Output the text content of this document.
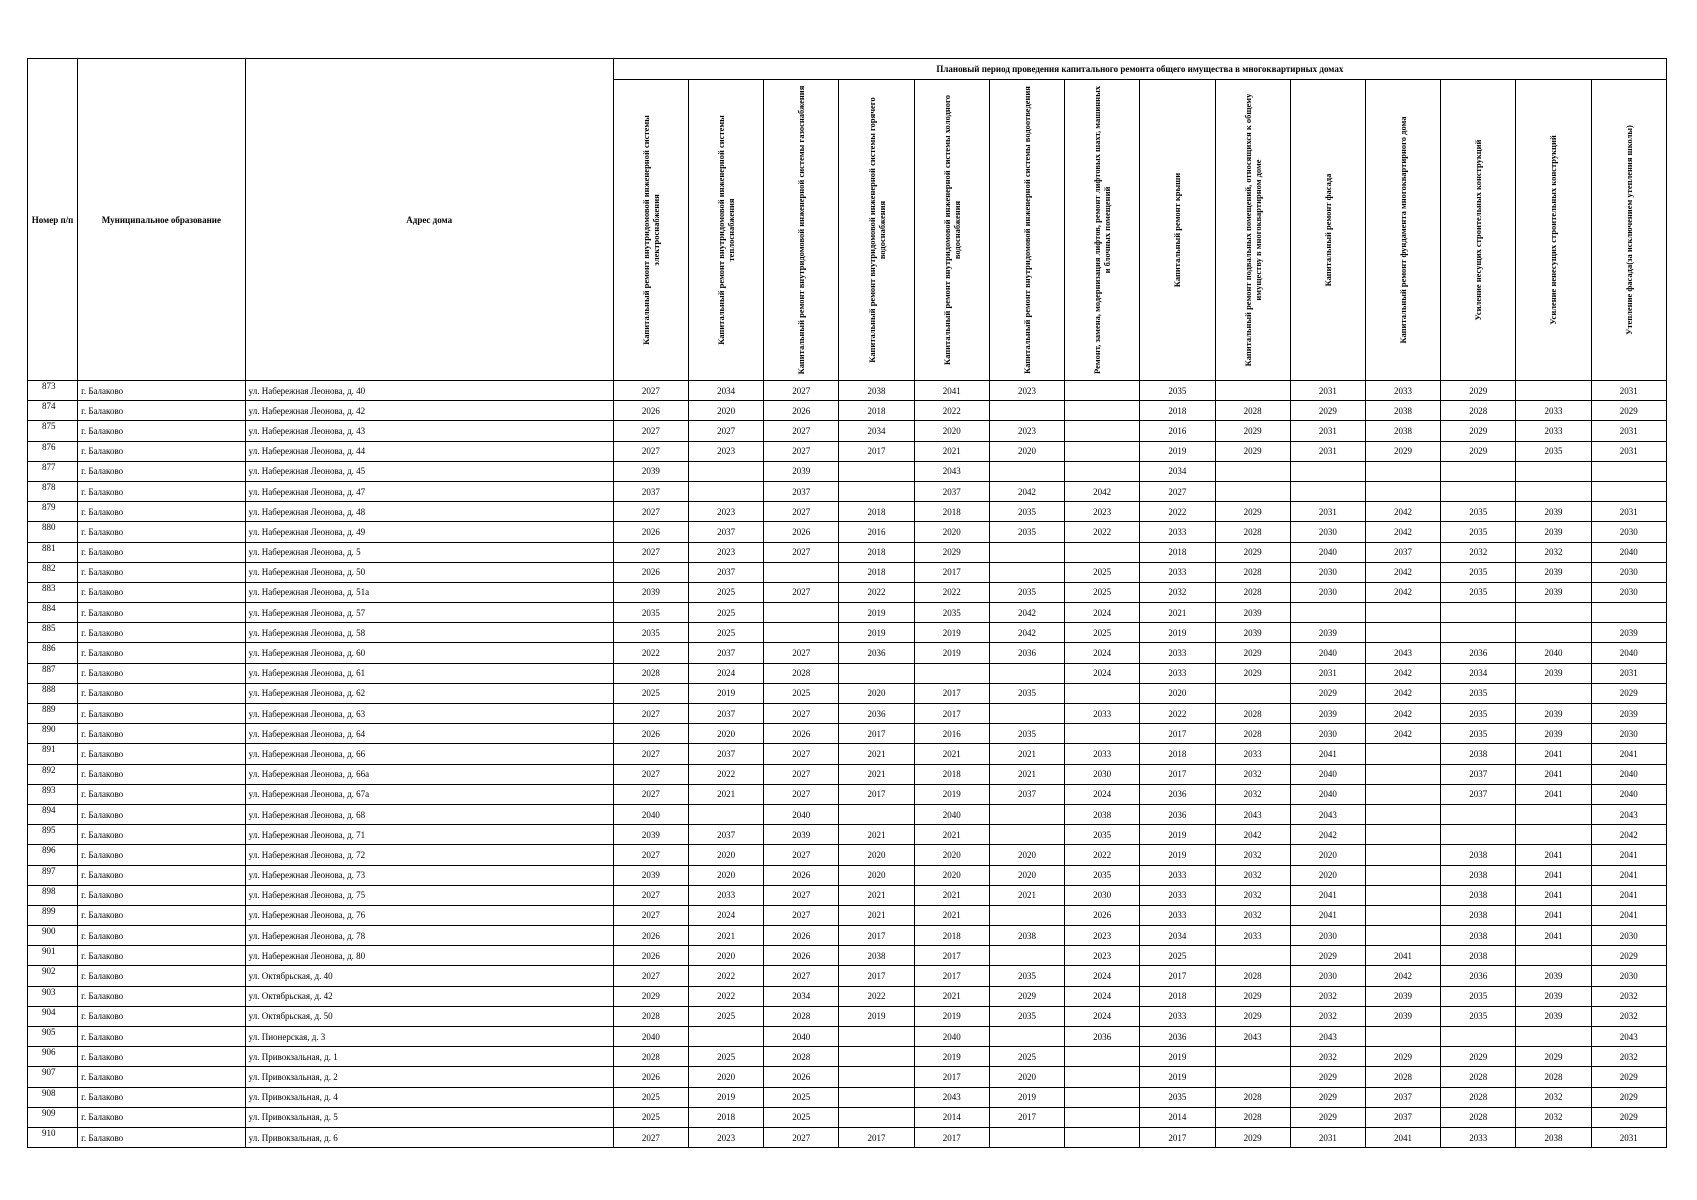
Номер п/п	Муниципальное образование	Адрес дома	Плановый период проведения капитального ремонта общего имущества в многоквартирных домах													

			Капитальный ремонт внутридомовой инженерной системы электроснабжения	Капитальный ремонт внутридомовой инженерной системы теплоснабжения	Капитальный ремонт внутридомовой инженерной системы газоснабжения	Капитальный ремонт внутридомовой инженерной системы горячего водоснабжения	Капитальный ремонт внутридомовой инженерной системы холодного водоснабжения	Капитальный ремонт внутридомовой инженерной системы водоотведения	Ремонт, замена, модернизация лифтов, ремонт лифтовых шахт, машинных и блочных помещений	Капитальный ремонт крыши	Капитальный ремонт подвальных помещений, относящихся к общему имуществу в многоквартирном доме	Капитальный ремонт фасада	Капитальный ремонт фундамента многоквартирного дома	Усиление несущих строительных конструкций	Усиление ненесущих строительных конструкций	Утепление фасада(за исключением утепления школы)

873	г. Балаково	ул. Набережная Леонова, д. 40	2027	2034	2027	2038	2041	2023		2035		2031	2033	2029		2031
874	г. Балаково	ул. Набережная Леонова, д. 42	2026	2020	2026	2018	2022			2018	2028	2029	2038	2028	2033	2029
875	г. Балаково	ул. Набережная Леонова, д. 43	2027	2027	2027	2034	2020	2023		2016	2029	2031	2038	2029	2033	2031
876	г. Балаково	ул. Набережная Леонова, д. 44	2027	2023	2027	2017	2021	2020		2019	2029	2031	2029	2029	2035	2031
877	г. Балаково	ул. Набережная Леонова, д. 45	2039		2039		2043			2034						
878	г. Балаково	ул. Набережная Леонова, д. 47	2037		2037		2037	2042	2042	2027						
879	г. Балаково	ул. Набережная Леонова, д. 48	2027	2023	2027	2018	2018	2035	2023	2022	2029	2031	2042	2035	2039	2031
880	г. Балаково	ул. Набережная Леонова, д. 49	2026	2037	2026	2016	2020	2035	2022	2033	2028	2030	2042	2035	2039	2030
881	г. Балаково	ул. Набережная Леонова, д. 5	2027	2023	2027	2018	2029			2018	2029	2040	2037	2032	2032	2040
882	г. Балаково	ул. Набережная Леонова, д. 50	2026	2037		2018	2017		2025	2033	2028	2030	2042	2035	2039	2030
883	г. Балаково	ул. Набережная Леонова, д. 51а	2039	2025	2027	2022	2022	2035	2025	2032	2028	2030	2042	2035	2039	2030
884	г. Балаково	ул. Набережная Леонова, д. 57	2035	2025		2019	2035	2042	2024	2021	2039					
885	г. Балаково	ул. Набережная Леонова, д. 58	2035	2025		2019	2019	2042	2025	2019	2039	2039				2039
886	г. Балаково	ул. Набережная Леонова, д. 60	2022	2037	2027	2036	2019	2036	2024	2033	2029	2040	2043	2036	2040	2040
887	г. Балаково	ул. Набережная Леонова, д. 61	2028	2024	2028				2024	2033	2029	2031	2042	2034	2039	2031
888	г. Балаково	ул. Набережная Леонова, д. 62	2025	2019	2025	2020	2017	2035		2020		2029	2042	2035		2029
889	г. Балаково	ул. Набережная Леонова, д. 63	2027	2037	2027	2036	2017		2033	2022	2028	2039	2042	2035	2039	2039
890	г. Балаково	ул. Набережная Леонова, д. 64	2026	2020	2026	2017	2016	2035		2017	2028	2030	2042	2035	2039	2030
891	г. Балаково	ул. Набережная Леонова, д. 66	2027	2037	2027	2021	2021	2021	2033	2018	2033	2041		2038	2041	2041
892	г. Балаково	ул. Набережная Леонова, д. 66а	2027	2022	2027	2021	2018	2021	2030	2017	2032	2040		2037	2041	2040
893	г. Балаково	ул. Набережная Леонова, д. 67а	2027	2021	2027	2017	2019	2037	2024	2036	2032	2040		2037	2041	2040
894	г. Балаково	ул. Набережная Леонова, д. 68	2040		2040		2040		2038	2036	2043	2043				2043
895	г. Балаково	ул. Набережная Леонова, д. 71	2039	2037	2039	2021	2021		2035	2019	2042	2042				2042
896	г. Балаково	ул. Набережная Леонова, д. 72	2027	2020	2027	2020	2020	2020	2022	2019	2032	2020		2038	2041	2041
897	г. Балаково	ул. Набережная Леонова, д. 73	2039	2020	2026	2020	2020	2020	2035	2033	2032	2020		2038	2041	2041
898	г. Балаково	ул. Набережная Леонова, д. 75	2027	2033	2027	2021	2021	2021	2030	2033	2032	2041		2038	2041	2041
899	г. Балаково	ул. Набережная Леонова, д. 76	2027	2024	2027	2021	2021		2026	2033	2032	2041		2038	2041	2041
900	г. Балаково	ул. Набережная Леонова, д. 78	2026	2021	2026	2017	2018	2038	2023	2034	2033	2030		2038	2041	2030
901	г. Балаково	ул. Набережная Леонова, д. 80	2026	2020	2026	2038	2017		2023	2025		2029	2041	2038		2029
902	г. Балаково	ул. Октябрьская, д. 40	2027	2022	2027	2017	2017	2035	2024	2017	2028	2030	2042	2036	2039	2030
903	г. Балаково	ул. Октябрьская, д. 42	2029	2022	2034	2022	2021	2029	2024	2018	2029	2032	2039	2035	2039	2032
904	г. Балаково	ул. Октябрьская, д. 50	2028	2025	2028	2019	2019	2035	2024	2033	2029	2032	2039	2035	2039	2032
905	г. Балаково	ул. Пионерская, д. 3	2040		2040		2040		2036	2036	2043	2043				2043
906	г. Балаково	ул. Привокзальная, д. 1	2028	2025	2028		2019	2025		2019		2032	2029	2029	2029	2032
907	г. Балаково	ул. Привокзальная, д. 2	2026	2020	2026		2017	2020		2019		2029	2028	2028	2028	2029
908	г. Балаково	ул. Привокзальная, д. 4	2025	2019	2025		2043	2019		2035	2028	2029	2037	2028	2032	2029
909	г. Балаково	ул. Привокзальная, д. 5	2025	2018	2025		2014	2017		2014	2028	2029	2037	2028	2032	2029
910	г. Балаково	ул. Привокзальная, д. 6	2027	2023	2027	2017	2017			2017	2029	2031	2041	2033	2038	2031
